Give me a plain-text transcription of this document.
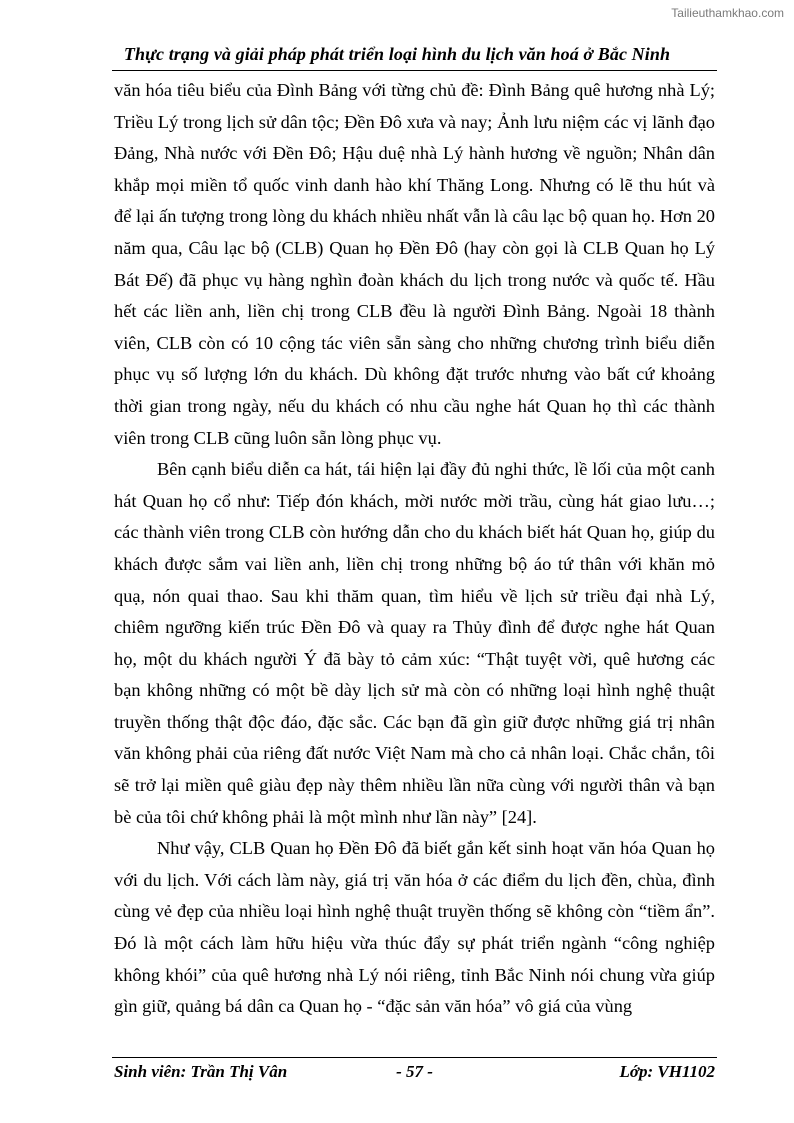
Tailieuthamkhao.com
Thực trạng và giải pháp phát triển loại hình du lịch văn hoá ở Bắc Ninh

văn hóa tiêu biểu của Đình Bảng với từng chủ đề: Đình Bảng quê hương nhà Lý; Triều Lý trong lịch sử dân tộc; Đền Đô xưa và nay; Ảnh lưu niệm các vị lãnh đạo Đảng, Nhà nước với Đền Đô; Hậu duệ nhà Lý hành hương về nguồn; Nhân dân khắp mọi miền tổ quốc vinh danh hào khí Thăng Long. Nhưng có lẽ thu hút và để lại ấn tượng trong lòng du khách nhiều nhất vẫn là câu lạc bộ quan họ. Hơn 20 năm qua, Câu lạc bộ (CLB) Quan họ Đền Đô (hay còn gọi là CLB Quan họ Lý Bát Đế) đã phục vụ hàng nghìn đoàn khách du lịch trong nước và quốc tế. Hầu hết các liền anh, liền chị trong CLB đều là người Đình Bảng. Ngoài 18 thành viên, CLB còn có 10 cộng tác viên sẵn sàng cho những chương trình biểu diễn phục vụ số lượng lớn du khách. Dù không đặt trước nhưng vào bất cứ khoảng thời gian trong ngày, nếu du khách có nhu cầu nghe hát Quan họ thì các thành viên trong CLB cũng luôn sẵn lòng phục vụ.

Bên cạnh biểu diễn ca hát, tái hiện lại đầy đủ nghi thức, lề lối của một canh hát Quan họ cổ như: Tiếp đón khách, mời nước mời trầu, cùng hát giao lưu…; các thành viên trong CLB còn hướng dẫn cho du khách biết hát Quan họ, giúp du khách được sắm vai liền anh, liền chị trong những bộ áo tứ thân với khăn mỏ quạ, nón quai thao. Sau khi thăm quan, tìm hiểu về lịch sử triều đại nhà Lý, chiêm ngưỡng kiến trúc Đền Đô và quay ra Thủy đình để được nghe hát Quan họ, một du khách người Ý đã bày tỏ cảm xúc: “Thật tuyệt vời, quê hương các bạn không những có một bề dày lịch sử mà còn có những loại hình nghệ thuật truyền thống thật độc đáo, đặc sắc. Các bạn đã gìn giữ được những giá trị nhân văn không phải của riêng đất nước Việt Nam mà cho cả nhân loại. Chắc chắn, tôi sẽ trở lại miền quê giàu đẹp này thêm nhiều lần nữa cùng với người thân và bạn bè của tôi chứ không phải là một mình như lần này” [24].

Như vậy, CLB Quan họ Đền Đô đã biết gắn kết sinh hoạt văn hóa Quan họ với du lịch. Với cách làm này, giá trị văn hóa ở các điểm du lịch đền, chùa, đình cùng vẻ đẹp của nhiều loại hình nghệ thuật truyền thống sẽ không còn “tiềm ẩn”. Đó là một cách làm hữu hiệu vừa thúc đẩy sự phát triển ngành “công nghiệp không khói” của quê hương nhà Lý nói riêng, tỉnh Bắc Ninh nói chung vừa giúp gìn giữ, quảng bá dân ca Quan họ - “đặc sản văn hóa” vô giá của vùng

Sinh viên: Trần Thị Vân	- 57 -	Lớp: VH1102
